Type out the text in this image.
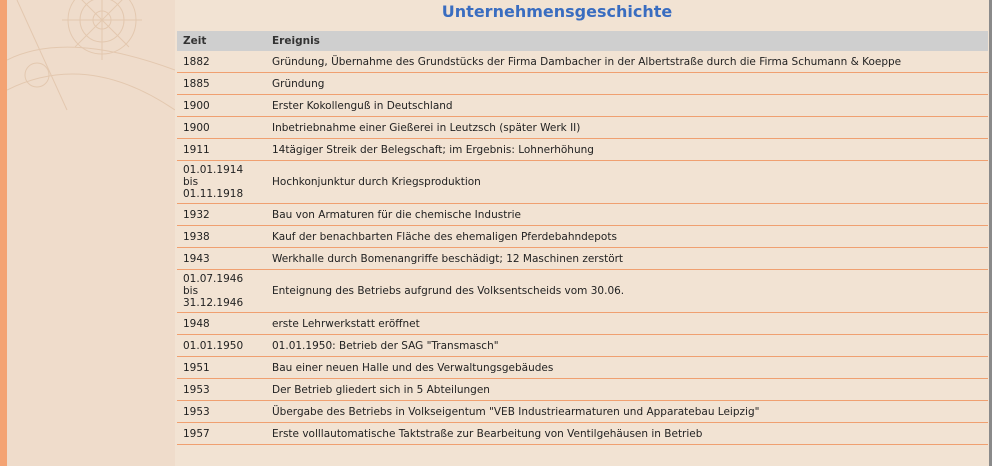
Unternehmensgeschichte
Zeit	Ereignis
1882	Gründung, Übernahme des Grundstücks der Firma Dambacher in der Albertstraße durch die Firma Schumann & Koeppe
1885	Gründung
1900	Erster Kokollenguß in Deutschland
1900	Inbetriebnahme einer Gießerei in Leutzsch (später Werk II)
1911	14tägiger Streik der Belegschaft; im Ergebnis: Lohnerhöhung
01.01.1914
bis
01.11.1918	Hochkonjunktur durch Kriegsproduktion
1932	Bau von Armaturen für die chemische Industrie
1938	Kauf der benachbarten Fläche des ehemaligen Pferdebahndepots
1943	Werkhalle durch Bomenangriffe beschädigt; 12 Maschinen zerstört
01.07.1946
bis
31.12.1946	Enteignung des Betriebs aufgrund des Volksentscheids vom 30.06.
1948	erste Lehrwerkstatt eröffnet
01.01.1950	01.01.1950: Betrieb der SAG "Transmasch"
1951	Bau einer neuen Halle und des Verwaltungsgebäudes
1953	Der Betrieb gliedert sich in 5 Abteilungen
1953	Übergabe des Betriebs in Volkseigentum "VEB Industriearmaturen und Apparatebau Leipzig"
1957	Erste volllautomatische Taktstraße zur Bearbeitung von Ventilgehäusen in Betrieb
